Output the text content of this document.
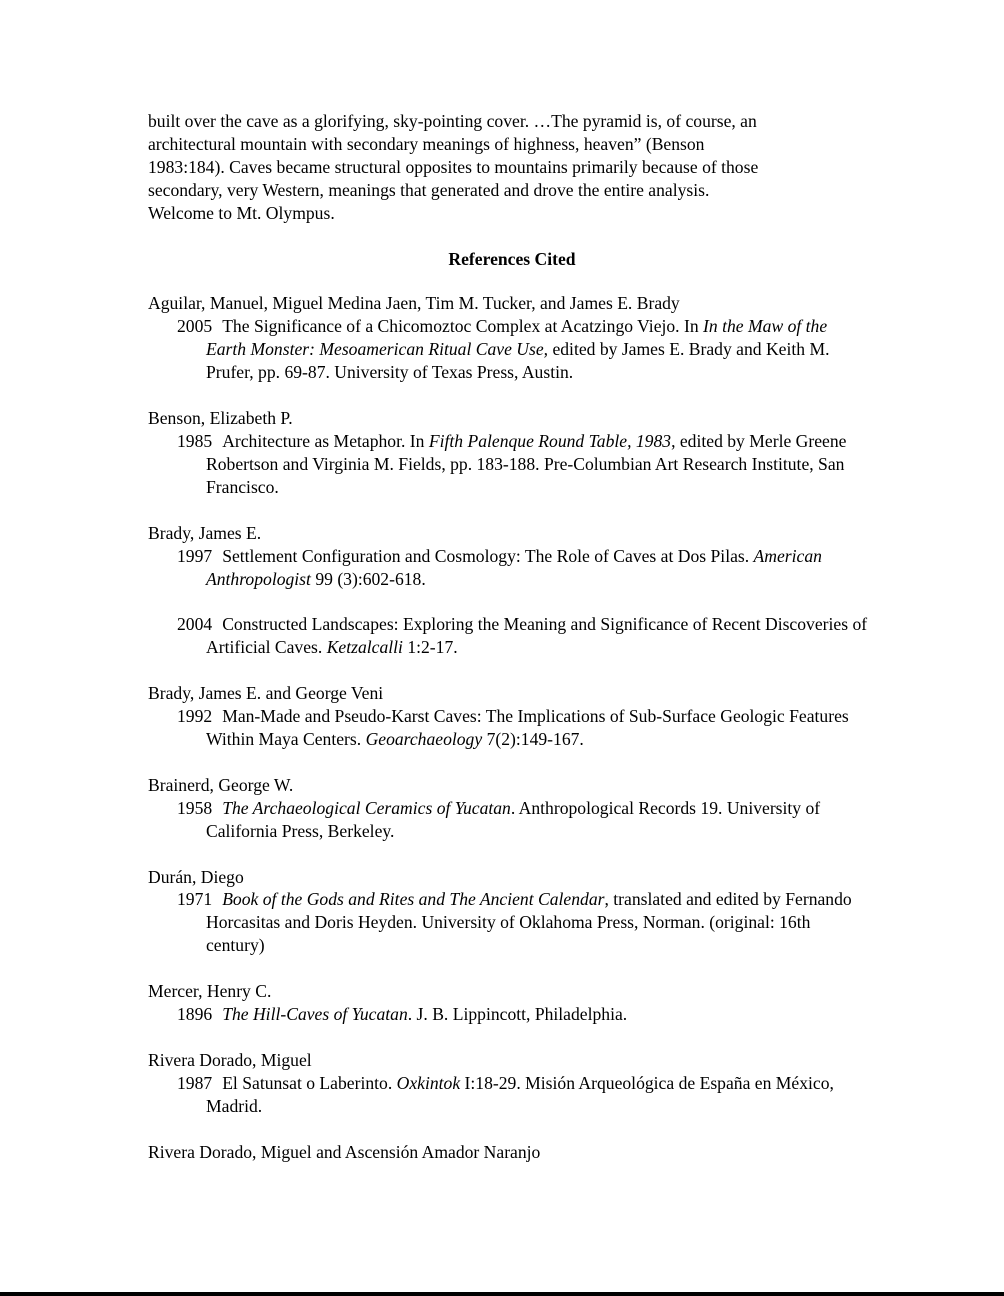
built over the cave as a glorifying, sky-pointing cover. …The pyramid is, of course, an

architectural mountain with secondary meanings of highness, heaven” (Benson

1983:184). Caves became structural opposites to mountains primarily because of those

secondary, very Western, meanings that generated and drove the entire analysis.

Welcome to Mt. Olympus.

References Cited
Aguilar, Manuel, Miguel Medina Jaen, Tim M. Tucker, and James E. Brady
2005 The Significance of a Chicomoztoc Complex at Acatzingo Viejo. In In the Maw of the Earth Monster: Mesoamerican Ritual Cave Use, edited by James E. Brady and Keith M. Prufer, pp. 69-87. University of Texas Press, Austin.
Benson, Elizabeth P.
1985 Architecture as Metaphor. In Fifth Palenque Round Table, 1983, edited by Merle Greene Robertson and Virginia M. Fields, pp. 183-188. Pre-Columbian Art Research Institute, San Francisco.
Brady, James E.
1997 Settlement Configuration and Cosmology: The Role of Caves at Dos Pilas. American Anthropologist 99 (3):602-618.
2004 Constructed Landscapes: Exploring the Meaning and Significance of Recent Discoveries of Artificial Caves. Ketzalcalli 1:2-17.
Brady, James E. and George Veni
1992 Man-Made and Pseudo-Karst Caves: The Implications of Sub-Surface Geologic Features Within Maya Centers. Geoarchaeology 7(2):149-167.
Brainerd, George W.
1958 The Archaeological Ceramics of Yucatan. Anthropological Records 19. University of California Press, Berkeley.
Durán, Diego
1971 Book of the Gods and Rites and The Ancient Calendar, translated and edited by Fernando Horcasitas and Doris Heyden. University of Oklahoma Press, Norman. (original: 16th century)
Mercer, Henry C.
1896 The Hill-Caves of Yucatan. J. B. Lippincott, Philadelphia.
Rivera Dorado, Miguel
1987 El Satunsat o Laberinto. Oxkintok I:18-29. Misión Arqueológica de España en México, Madrid.
Rivera Dorado, Miguel and Ascensión Amador Naranjo
